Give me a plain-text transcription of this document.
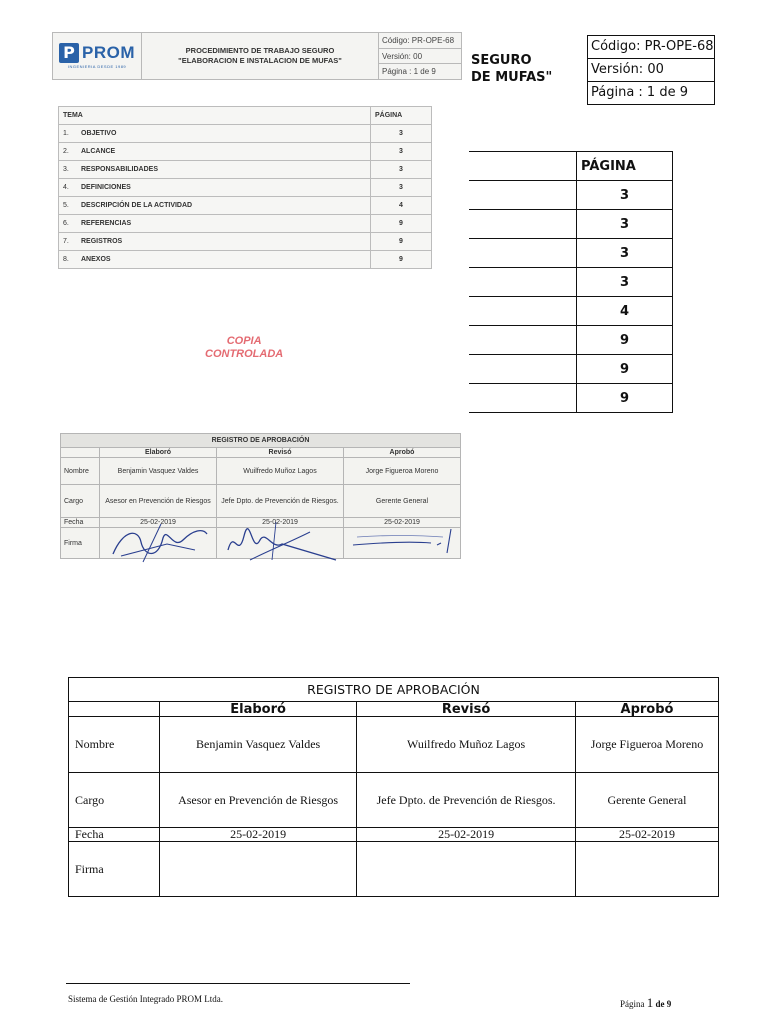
P PROM
INGENIERIA DESDE 1989
PROCEDIMIENTO DE TRABAJO SEGURO
"ELABORACION E INSTALACION DE MUFAS"
Código: PR-OPE-68
Versión: 00
Página : 1 de 9
SEGURO
DE MUFAS"
Código: PR-OPE-68
Versión: 00
Página : 1 de 9
TEMA		PÁGINA
1.	OBJETIVO	3
2.	ALCANCE	3
3.	RESPONSABILIDADES	3
4.	DEFINICIONES	3
5.	DESCRIPCIÓN DE LA ACTIVIDAD	4
6.	REFERENCIAS	9
7.	REGISTROS	9
8.	ANEXOS	9
	PÁGINA
	3
	3
	3
	3
	4
	9
	9
	9
COPIA
CONTROLADA
REGISTRO DE APROBACIÓN			
	Elaboró	Revisó	Aprobó
Nombre	Benjamin Vasquez Valdes	Wuilfredo Muñoz Lagos	Jorge Figueroa Moreno
Cargo	Asesor en Prevención de Riesgos	Jefe Dpto. de Prevención de Riesgos.	Gerente General
Fecha	25-02-2019	25-02-2019	25-02-2019
Firma	

REGISTRO DE APROBACIÓN			
	Elaboró	Revisó	Aprobó
Nombre	Benjamin Vasquez Valdes	Wuilfredo Muñoz Lagos	Jorge Figueroa Moreno
Cargo	Asesor en Prevención de Riesgos	Jefe Dpto. de Prevención de Riesgos.	Gerente General
Fecha	25-02-2019	25-02-2019	25-02-2019
Firma			
Sistema de Gestión Integrado PROM Ltda.	Página 1 de 9
